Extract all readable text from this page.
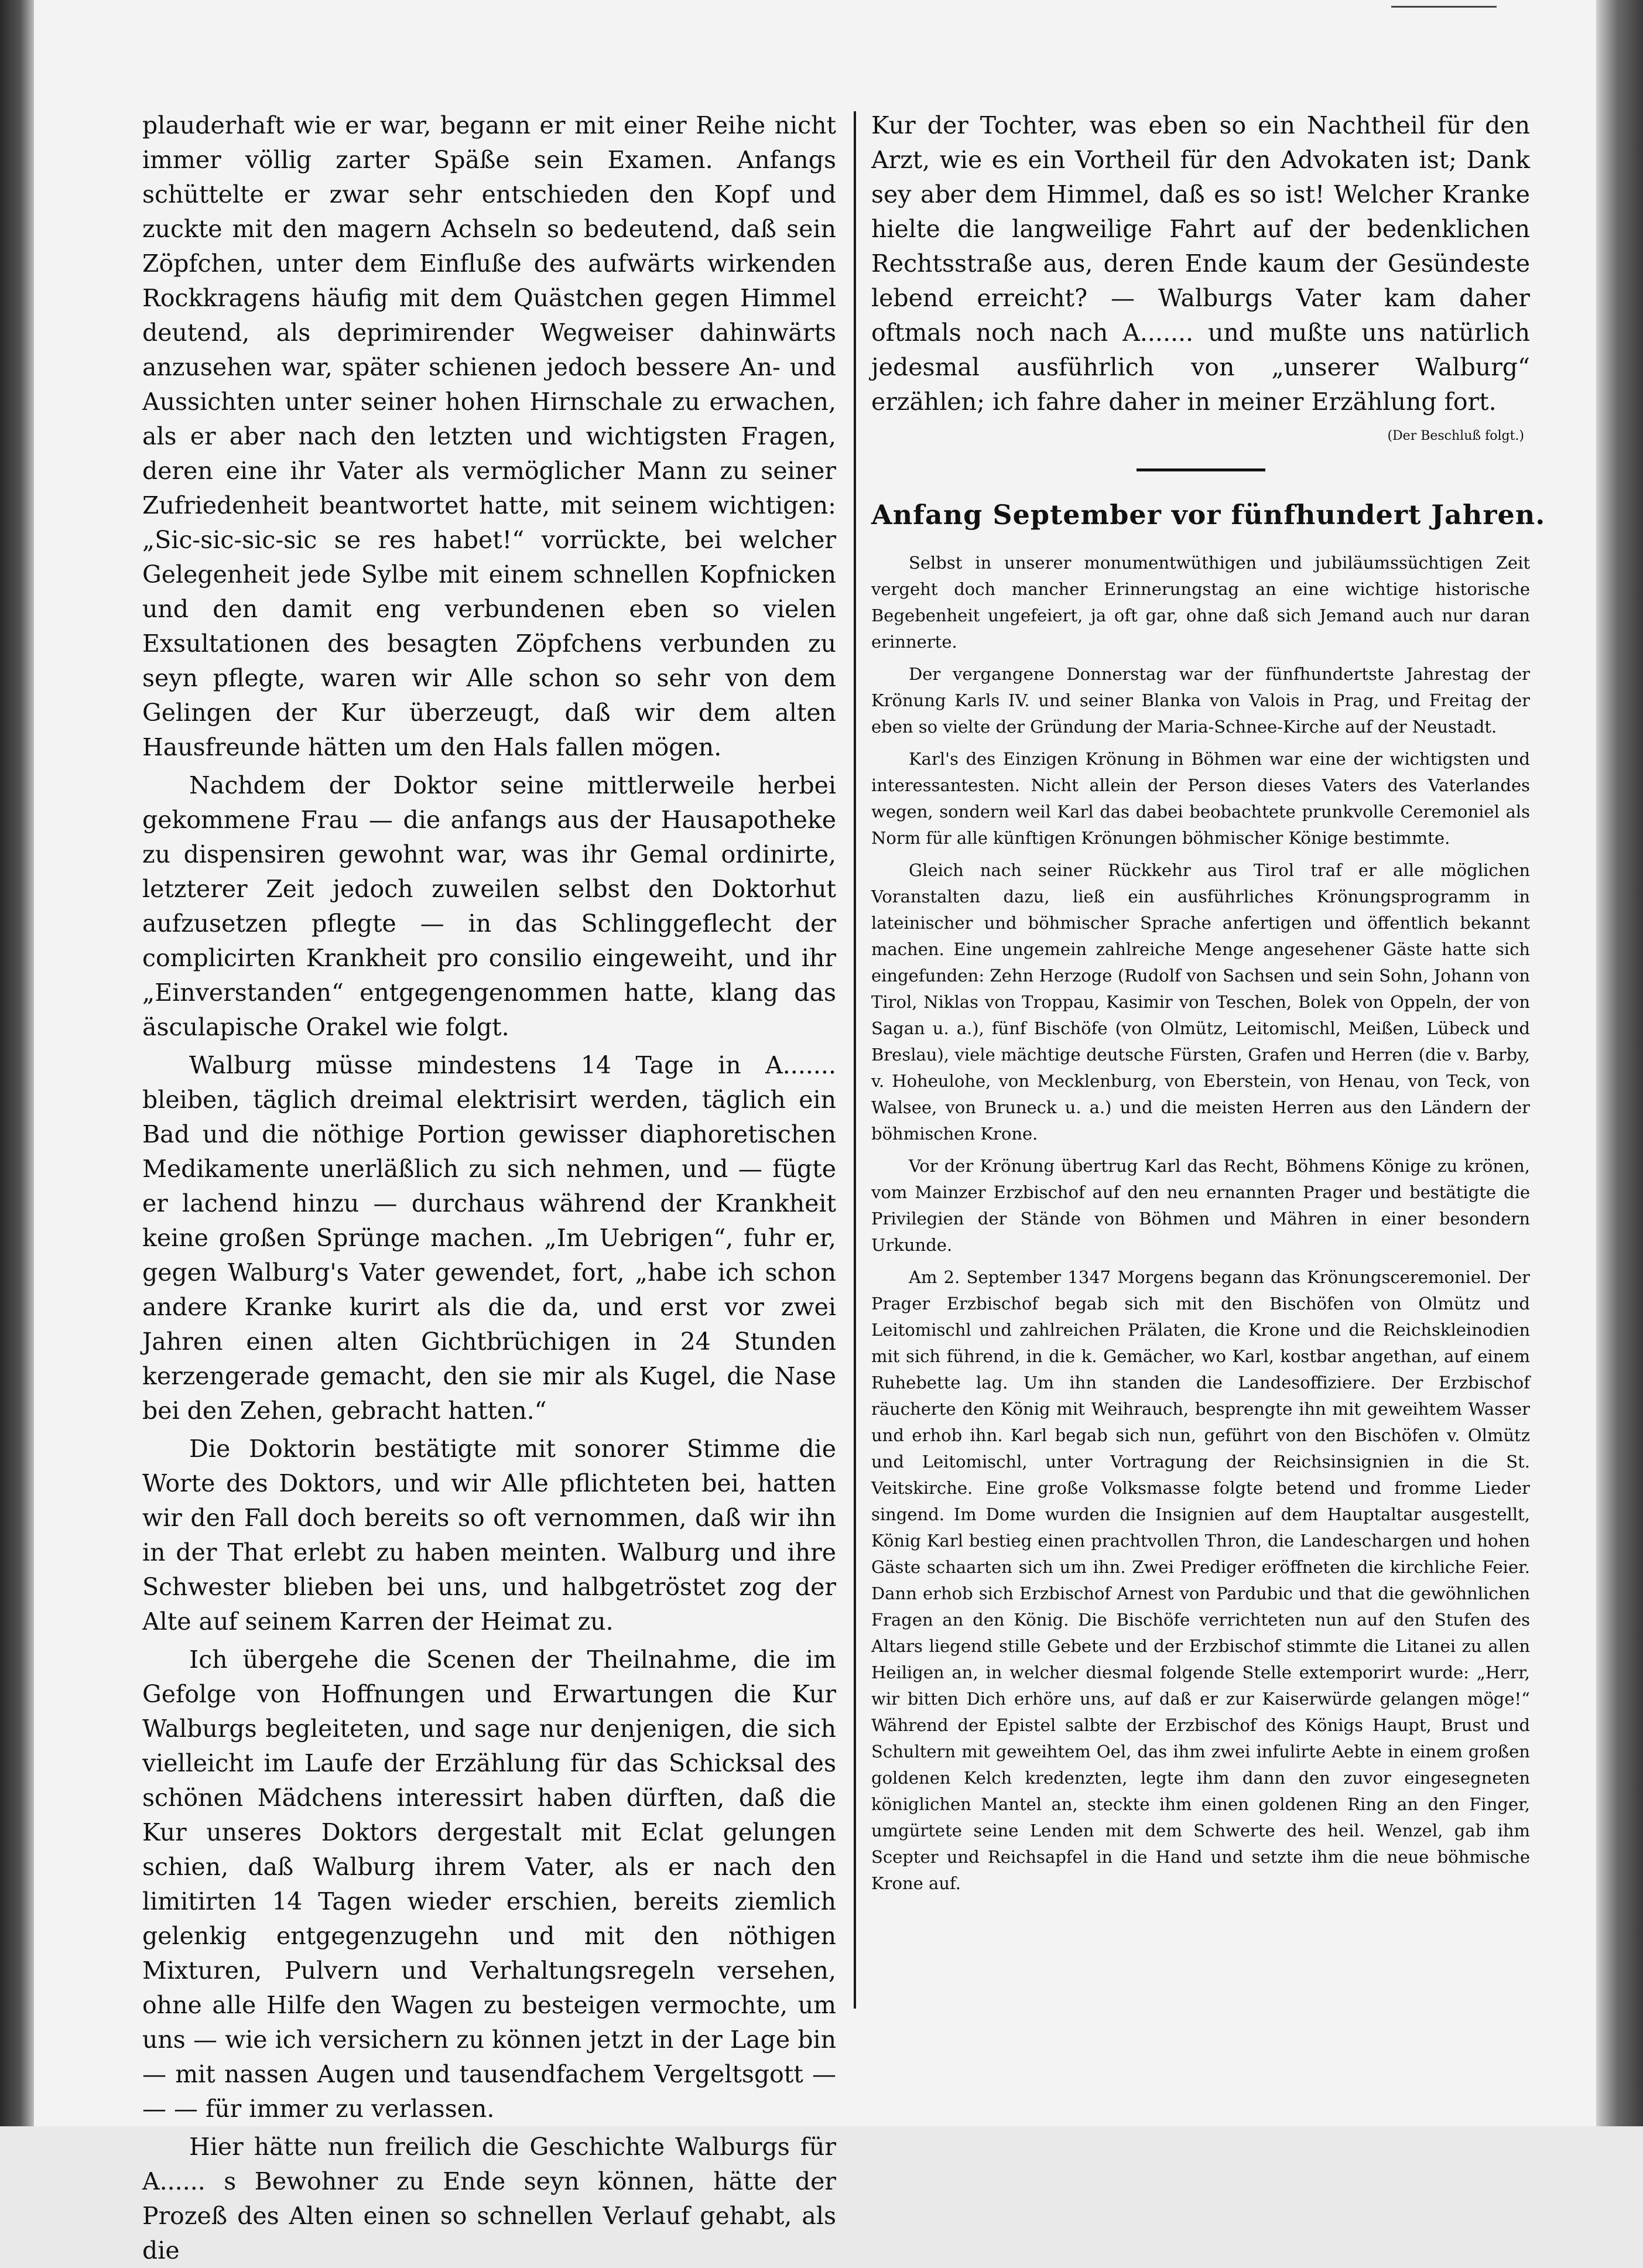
plauderhaft wie er war, begann er mit einer Reihe nicht immer völlig zarter Späße sein Examen. Anfangs schüttelte er zwar sehr entschieden den Kopf und zuckte mit den magern Achseln so bedeutend, daß sein Zöpfchen, unter dem Einfluße des aufwärts wirkenden Rockkragens häufig mit dem Quästchen gegen Himmel deutend, als deprimirender Wegweiser dahinwärts anzusehen war, später schienen jedoch bessere An- und Aussichten unter seiner hohen Hirnschale zu erwachen, als er aber nach den letzten und wichtigsten Fragen, deren eine ihr Vater als vermöglicher Mann zu seiner Zufriedenheit beantwortet hatte, mit seinem wichtigen: „Sic-sic-sic-sic se res habet!“ vorrückte, bei welcher Gelegenheit jede Sylbe mit einem schnellen Kopfnicken und den damit eng verbundenen eben so vielen Exsultationen des besagten Zöpfchens verbunden zu seyn pflegte, waren wir Alle schon so sehr von dem Gelingen der Kur überzeugt, daß wir dem alten Hausfreunde hätten um den Hals fallen mögen.

Nachdem der Doktor seine mittlerweile herbei gekommene Frau — die anfangs aus der Hausapotheke zu dispensiren gewohnt war, was ihr Gemal ordinirte, letzterer Zeit jedoch zuweilen selbst den Doktorhut aufzusetzen pflegte — in das Schlinggeflecht der complicirten Krankheit pro consilio eingeweiht, und ihr „Einverstanden“ entgegengenommen hatte, klang das äsculapische Orakel wie folgt.

Walburg müsse mindestens 14 Tage in A....... bleiben, täglich dreimal elektrisirt werden, täglich ein Bad und die nöthige Portion gewisser diaphoretischen Medikamente unerläßlich zu sich nehmen, und — fügte er lachend hinzu — durchaus während der Krankheit keine großen Sprünge machen. „Im Uebrigen“, fuhr er, gegen Walburg's Vater gewendet, fort, „habe ich schon andere Kranke kurirt als die da, und erst vor zwei Jahren einen alten Gichtbrüchigen in 24 Stunden kerzengerade gemacht, den sie mir als Kugel, die Nase bei den Zehen, gebracht hatten.“

Die Doktorin bestätigte mit sonorer Stimme die Worte des Doktors, und wir Alle pflichteten bei, hatten wir den Fall doch bereits so oft vernommen, daß wir ihn in der That erlebt zu haben meinten. Walburg und ihre Schwester blieben bei uns, und halbgetröstet zog der Alte auf seinem Karren der Heimat zu.

Ich übergehe die Scenen der Theilnahme, die im Gefolge von Hoffnungen und Erwartungen die Kur Walburgs begleiteten, und sage nur denjenigen, die sich vielleicht im Laufe der Erzählung für das Schicksal des schönen Mädchens interessirt haben dürften, daß die Kur unseres Doktors dergestalt mit Eclat gelungen schien, daß Walburg ihrem Vater, als er nach den limitirten 14 Tagen wieder erschien, bereits ziemlich gelenkig entgegenzugehn und mit den nöthigen Mixturen, Pulvern und Verhaltungsregeln versehen, ohne alle Hilfe den Wagen zu besteigen vermochte, um uns — wie ich versichern zu können jetzt in der Lage bin — mit nassen Augen und tausendfachem Vergeltsgott — — — für immer zu verlassen.

Hier hätte nun freilich die Geschichte Walburgs für A...... s Bewohner zu Ende seyn können, hätte der Prozeß des Alten einen so schnellen Verlauf gehabt, als die

Kur der Tochter, was eben so ein Nachtheil für den Arzt, wie es ein Vortheil für den Advokaten ist; Dank sey aber dem Himmel, daß es so ist! Welcher Kranke hielte die langweilige Fahrt auf der bedenklichen Rechtsstraße aus, deren Ende kaum der Gesündeste lebend erreicht? — Walburgs Vater kam daher oftmals noch nach A....... und mußte uns natürlich jedesmal ausführlich von „unserer Walburg“ erzählen; ich fahre daher in meiner Erzählung fort.

(Der Beschluß folgt.)
Anfang September vor fünfhundert Jahren.

Selbst in unserer monumentwüthigen und jubiläumssüchtigen Zeit vergeht doch mancher Erinnerungstag an eine wichtige historische Begebenheit ungefeiert, ja oft gar, ohne daß sich Jemand auch nur daran erinnerte.

Der vergangene Donnerstag war der fünfhundertste Jahrestag der Krönung Karls IV. und seiner Blanka von Valois in Prag, und Freitag der eben so vielte der Gründung der Maria-Schnee-Kirche auf der Neustadt.

Karl's des Einzigen Krönung in Böhmen war eine der wichtigsten und interessantesten. Nicht allein der Person dieses Vaters des Vaterlandes wegen, sondern weil Karl das dabei beobachtete prunkvolle Ceremoniel als Norm für alle künftigen Krönungen böhmischer Könige bestimmte.

Gleich nach seiner Rückkehr aus Tirol traf er alle möglichen Voranstalten dazu, ließ ein ausführliches Krönungsprogramm in lateinischer und böhmischer Sprache anfertigen und öffentlich bekannt machen. Eine ungemein zahlreiche Menge angesehener Gäste hatte sich eingefunden: Zehn Herzoge (Rudolf von Sachsen und sein Sohn, Johann von Tirol, Niklas von Troppau, Kasimir von Teschen, Bolek von Oppeln, der von Sagan u. a.), fünf Bischöfe (von Olmütz, Leitomischl, Meißen, Lübeck und Breslau), viele mächtige deutsche Fürsten, Grafen und Herren (die v. Barby, v. Hoheulohe, von Mecklenburg, von Eberstein, von Henau, von Teck, von Walsee, von Bruneck u. a.) und die meisten Herren aus den Ländern der böhmischen Krone.

Vor der Krönung übertrug Karl das Recht, Böhmens Könige zu krönen, vom Mainzer Erzbischof auf den neu ernannten Prager und bestätigte die Privilegien der Stände von Böhmen und Mähren in einer besondern Urkunde.

Am 2. September 1347 Morgens begann das Krönungsceremoniel. Der Prager Erzbischof begab sich mit den Bischöfen von Olmütz und Leitomischl und zahlreichen Prälaten, die Krone und die Reichskleinodien mit sich führend, in die k. Gemächer, wo Karl, kostbar angethan, auf einem Ruhebette lag. Um ihn standen die Landesoffiziere. Der Erzbischof räucherte den König mit Weihrauch, besprengte ihn mit geweihtem Wasser und erhob ihn. Karl begab sich nun, geführt von den Bischöfen v. Olmütz und Leitomischl, unter Vortragung der Reichsinsignien in die St. Veitskirche. Eine große Volksmasse folgte betend und fromme Lieder singend. Im Dome wurden die Insignien auf dem Hauptaltar ausgestellt, König Karl bestieg einen prachtvollen Thron, die Landeschargen und hohen Gäste schaarten sich um ihn. Zwei Prediger eröffneten die kirchliche Feier. Dann erhob sich Erzbischof Arnest von Pardubic und that die gewöhnlichen Fragen an den König. Die Bischöfe verrichteten nun auf den Stufen des Altars liegend stille Gebete und der Erzbischof stimmte die Litanei zu allen Heiligen an, in welcher diesmal folgende Stelle extemporirt wurde: „Herr, wir bitten Dich erhöre uns, auf daß er zur Kaiserwürde gelangen möge!“ Während der Epistel salbte der Erzbischof des Königs Haupt, Brust und Schultern mit geweihtem Oel, das ihm zwei infulirte Aebte in einem großen goldenen Kelch kredenzten, legte ihm dann den zuvor eingesegneten königlichen Mantel an, steckte ihm einen goldenen Ring an den Finger, umgürtete seine Lenden mit dem Schwerte des heil. Wenzel, gab ihm Scepter und Reichsapfel in die Hand und setzte ihm die neue böhmische Krone auf.
